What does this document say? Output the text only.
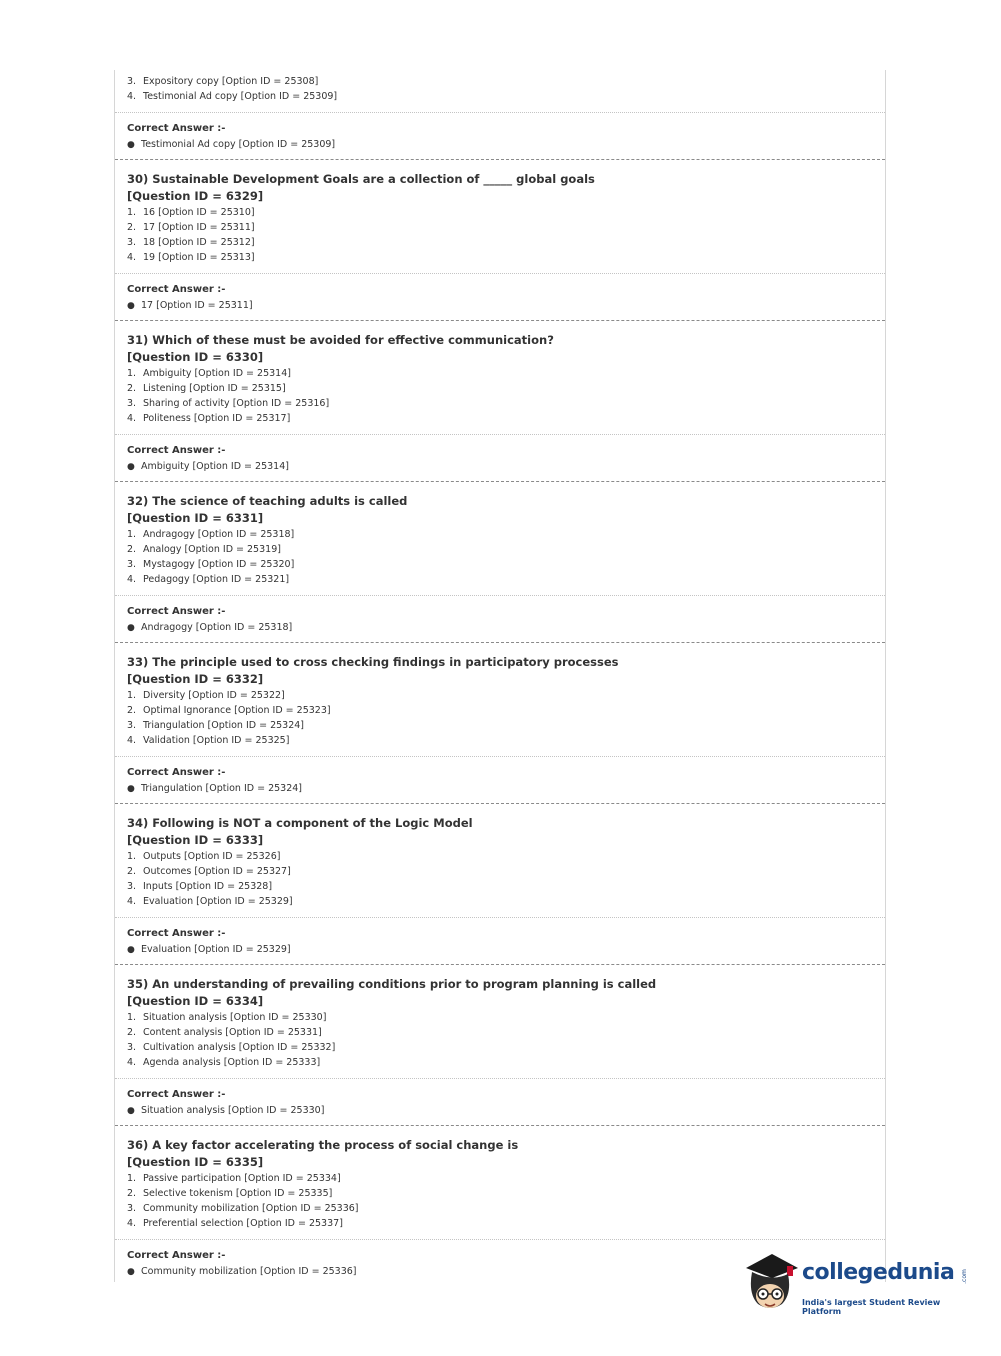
3. Expository copy [Option ID = 25308]
4. Testimonial Ad copy [Option ID = 25309]
Correct Answer :-
● Testimonial Ad copy [Option ID = 25309]
30) Sustainable Development Goals are a collection of _____ global goals
[Question ID = 6329]
1. 16 [Option ID = 25310]
2. 17 [Option ID = 25311]
3. 18 [Option ID = 25312]
4. 19 [Option ID = 25313]
Correct Answer :-
● 17 [Option ID = 25311]
31) Which of these must be avoided for effective communication?
[Question ID = 6330]
1. Ambiguity [Option ID = 25314]
2. Listening [Option ID = 25315]
3. Sharing of activity [Option ID = 25316]
4. Politeness [Option ID = 25317]
Correct Answer :-
● Ambiguity [Option ID = 25314]
32) The science of teaching adults is called
[Question ID = 6331]
1. Andragogy [Option ID = 25318]
2. Analogy [Option ID = 25319]
3. Mystagogy [Option ID = 25320]
4. Pedagogy [Option ID = 25321]
Correct Answer :-
● Andragogy [Option ID = 25318]
33) The principle used to cross checking findings in participatory processes
[Question ID = 6332]
1. Diversity [Option ID = 25322]
2. Optimal Ignorance [Option ID = 25323]
3. Triangulation [Option ID = 25324]
4. Validation [Option ID = 25325]
Correct Answer :-
● Triangulation [Option ID = 25324]
34) Following is NOT a component of the Logic Model
[Question ID = 6333]
1. Outputs [Option ID = 25326]
2. Outcomes [Option ID = 25327]
3. Inputs [Option ID = 25328]
4. Evaluation [Option ID = 25329]
Correct Answer :-
● Evaluation [Option ID = 25329]
35) An understanding of prevailing conditions prior to program planning is called
[Question ID = 6334]
1. Situation analysis [Option ID = 25330]
2. Content analysis [Option ID = 25331]
3. Cultivation analysis [Option ID = 25332]
4. Agenda analysis [Option ID = 25333]
Correct Answer :-
● Situation analysis [Option ID = 25330]
36) A key factor accelerating the process of social change is
[Question ID = 6335]
1. Passive participation [Option ID = 25334]
2. Selective tokenism [Option ID = 25335]
3. Community mobilization [Option ID = 25336]
4. Preferential selection [Option ID = 25337]
Correct Answer :-
● Community mobilization [Option ID = 25336]	collegedunia .com
India's largest Student Review Platform
